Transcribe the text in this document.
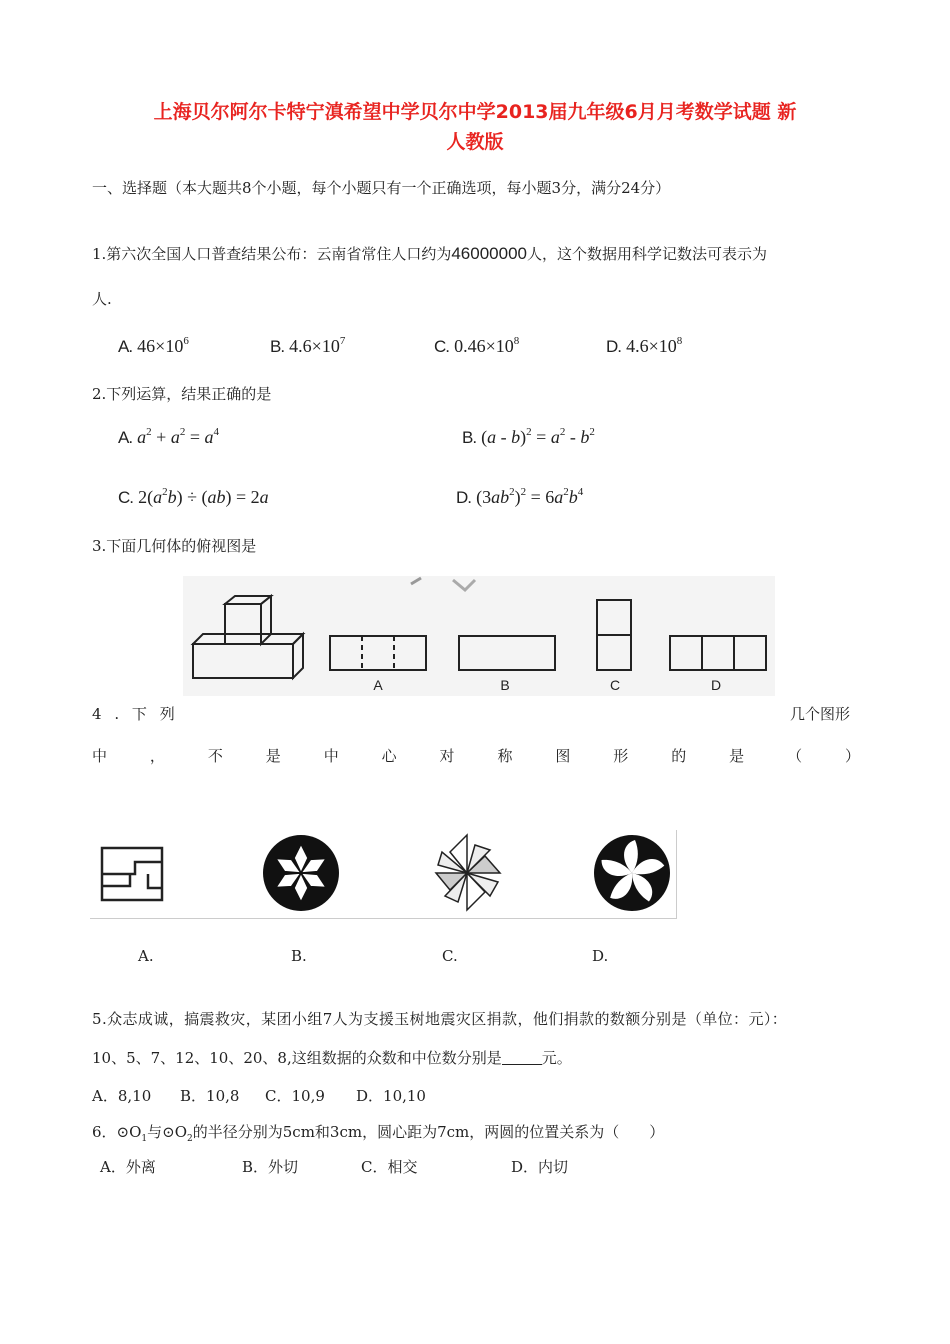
上海贝尔阿尔卡特宁滇希望中学贝尔中学2013届九年级6月月考数学试题 新
人教版
一、选择题（本大题共8个小题，每个小题只有一个正确选项，每小题3分，满分24分）
1.第六次全国人口普查结果公布：云南省常住人口约为46000000人，这个数据用科学记数法可表示为
人.
A. $46\times 10^6$	B. $4.6\times 10^7$	C. $0.46\times 10^8$	D. $4.6\times 10^8$
2.下列运算，结果正确的是
A. $a^2 + a^2 = a^4$	B. $(a - b)^2 = a^2 - b^2$
C. $2(a^2b) \div (ab) = 2a$	D. $(3ab^2)^2 = 6a^2b^4$
3.下面几何体的俯视图是
A	B	C	D
4 . 下 列	几个图形
中	，	不	是	中	心	对	称	图	形	的	是	（	）
A.	B.	C.	D.
5.众志成诚，搞震救灾，某团小组7人为支援玉树地震灾区捐款，他们捐款的数额分别是（单位：元）：
10、5、7、12、10、20、8,这组数据的众数和中位数分别是	元。
A．8,10 B．10,8 C．10,9 D．10,10
6．$⊙O_1$与$⊙O_2$的半径分别为5cm和3cm，圆心距为7cm，两圆的位置关系为（　　）
A．外离	B．外切	C．相交	D．内切
